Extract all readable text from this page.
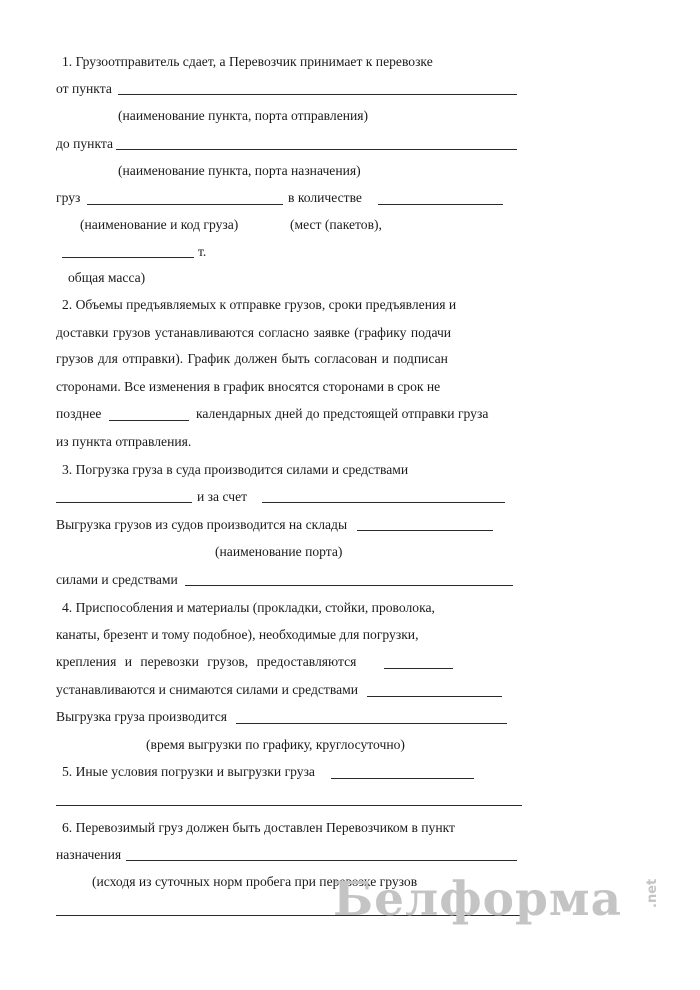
1. Грузоотправитель сдает, а Перевозчик принимает к перевозке
от пункта
(наименование пункта, порта отправления)
до пункта
(наименование пункта, порта назначения)
груз	в количестве
(наименование и код груза)	(мест (пакетов),
т.
общая масса)
2. Объемы предъявляемых к отправке грузов, сроки предъявления и
доставки грузов устанавливаются согласно заявке (графику подачи
грузов для отправки). График должен быть согласован и подписан
сторонами. Все изменения в график вносятся сторонами в срок не
позднее	календарных дней до предстоящей отправки груза
из пункта отправления.
3. Погрузка груза в суда производится силами и средствами
и за счет
Выгрузка грузов из судов производится на склады
(наименование порта)
силами и средствами
4. Приспособления и материалы (прокладки, стойки, проволока,
канаты, брезент и тому подобное), необходимые для погрузки,
крепления и перевозки грузов, предоставляются
устанавливаются и снимаются силами и средствами
Выгрузка груза производится
(время выгрузки по графику, круглосуточно)
5. Иные условия погрузки и выгрузки груза
6. Перевозимый груз должен быть доставлен Перевозчиком в пункт
назначения
(исходя из суточных норм пробега при перевозке грузов
Белформа .net
